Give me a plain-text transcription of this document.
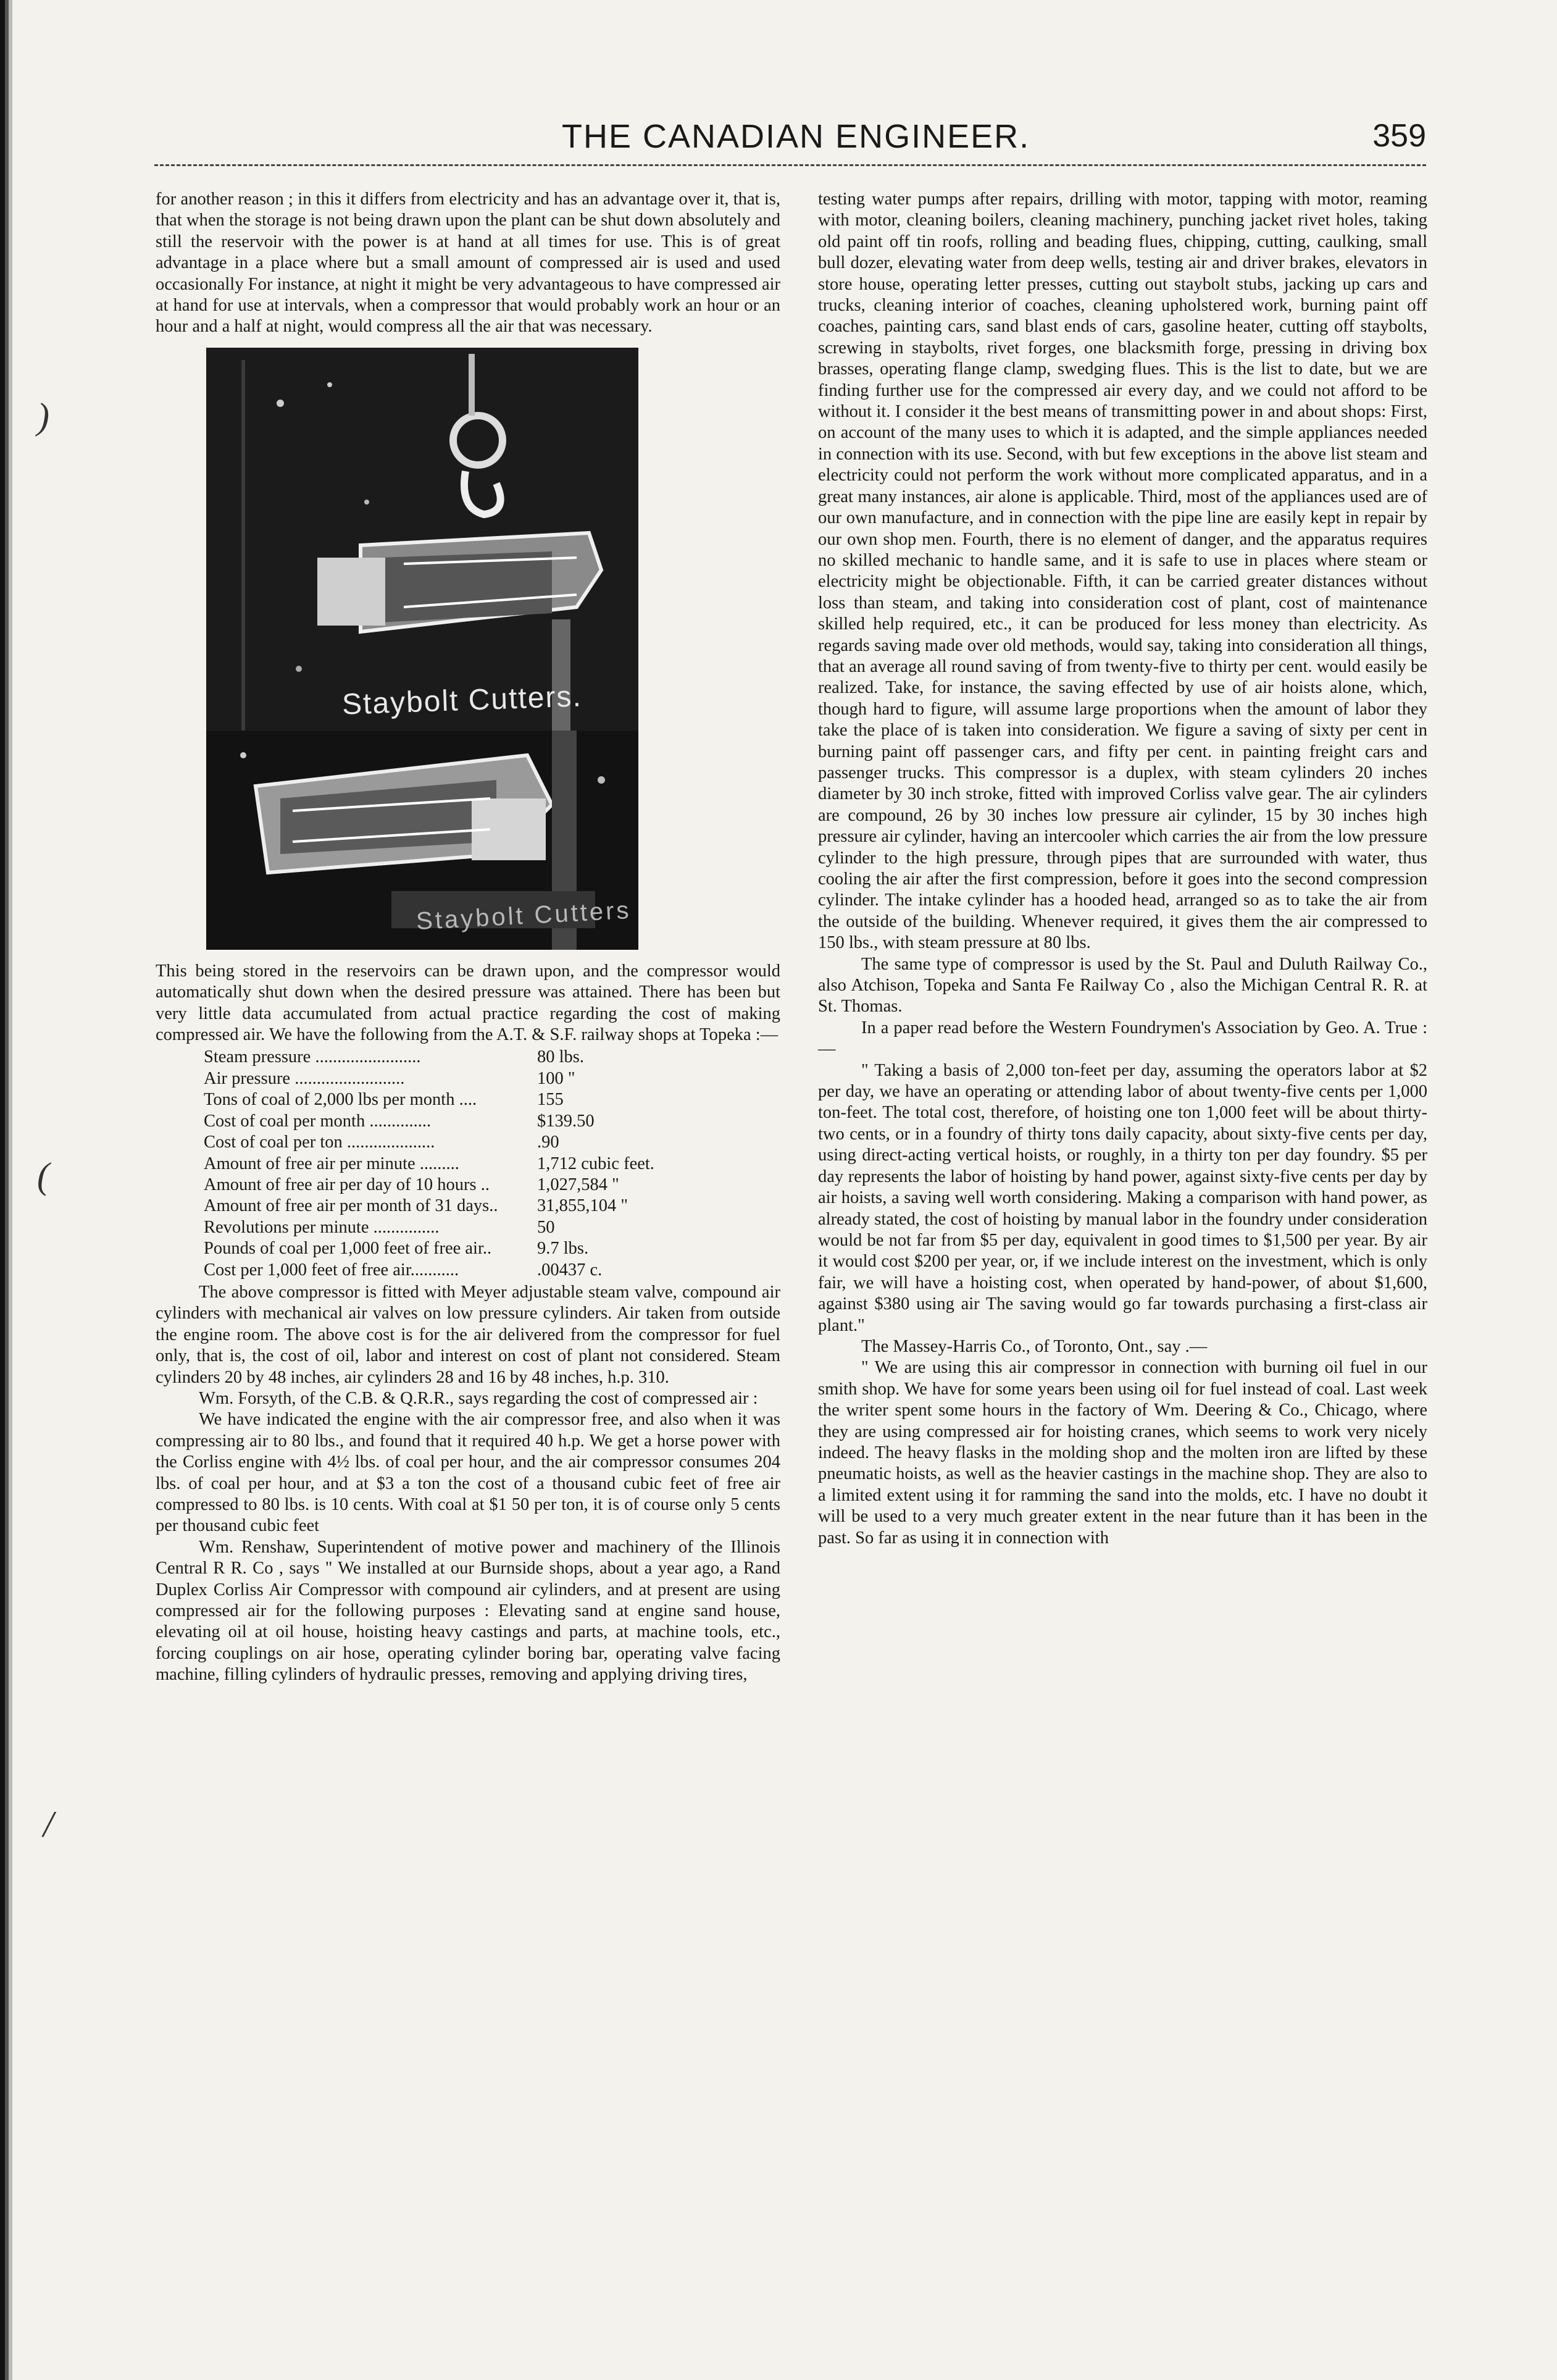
)
(
/
THE CANADIAN ENGINEER.	359

for another reason ; in this it differs from electricity and has an advantage over it, that is, that when the storage is not being drawn upon the plant can be shut down absolutely and still the reservoir with the power is at hand at all times for use. This is of great advantage in a place where but a small amount of compressed air is used and used occasionally For instance, at night it might be very advantageous to have compressed air at hand for use at intervals, when a compressor that would probably work an hour or an hour and a half at night, would compress all the air that was necessary.

Staybolt Cutters.
Staybolt Cutters

This being stored in the reservoirs can be drawn upon, and the compressor would automatically shut down when the desired pressure was attained. There has been but very little data accumulated from actual practice regarding the cost of making compressed air. We have the following from the A.T. & S.F. railway shops at Topeka :—

Steam pressure ........................	80 lbs.
Air pressure .........................	100 "
Tons of coal of 2,000 lbs per month ....	155
Cost of coal per month ..............	$139.50
Cost of coal per ton ....................	.90
Amount of free air per minute .........	1,712 cubic feet.
Amount of free air per day of 10 hours ..	1,027,584 "
Amount of free air per month of 31 days..	31,855,104 "
Revolutions per minute ...............	50
Pounds of coal per 1,000 feet of free air..	9.7 lbs.
Cost per 1,000 feet of free air...........	.00437 c.

The above compressor is fitted with Meyer adjustable steam valve, compound air cylinders with mechanical air valves on low pressure cylinders. Air taken from outside the engine room. The above cost is for the air delivered from the compressor for fuel only, that is, the cost of oil, labor and interest on cost of plant not considered. Steam cylinders 20 by 48 inches, air cylinders 28 and 16 by 48 inches, h.p. 310.

Wm. Forsyth, of the C.B. & Q.R.R., says regarding the cost of compressed air :

We have indicated the engine with the air compressor free, and also when it was compressing air to 80 lbs., and found that it required 40 h.p. We get a horse power with the Corliss engine with 4½ lbs. of coal per hour, and the air compressor consumes 204 lbs. of coal per hour, and at $3 a ton the cost of a thousand cubic feet of free air compressed to 80 lbs. is 10 cents. With coal at $1 50 per ton, it is of course only 5 cents per thousand cubic feet

Wm. Renshaw, Superintendent of motive power and machinery of the Illinois Central R R. Co , says " We installed at our Burnside shops, about a year ago, a Rand Duplex Corliss Air Compressor with compound air cylinders, and at present are using compressed air for the following purposes : Elevating sand at engine sand house, elevating oil at oil house, hoisting heavy castings and parts, at machine tools, etc., forcing couplings on air hose, operating cylinder boring bar, operating valve facing machine, filling cylinders of hydraulic presses, removing and applying driving tires,

testing water pumps after repairs, drilling with motor, tapping with motor, reaming with motor, cleaning boilers, cleaning machinery, punching jacket rivet holes, taking old paint off tin roofs, rolling and beading flues, chipping, cutting, caulking, small bull dozer, elevating water from deep wells, testing air and driver brakes, elevators in store house, operating letter presses, cutting out staybolt stubs, jacking up cars and trucks, cleaning interior of coaches, cleaning upholstered work, burning paint off coaches, painting cars, sand blast ends of cars, gasoline heater, cutting off staybolts, screwing in staybolts, rivet forges, one blacksmith forge, pressing in driving box brasses, operating flange clamp, swedging flues. This is the list to date, but we are finding further use for the compressed air every day, and we could not afford to be without it. I consider it the best means of transmitting power in and about shops: First, on account of the many uses to which it is adapted, and the simple appliances needed in connection with its use. Second, with but few exceptions in the above list steam and electricity could not perform the work without more complicated apparatus, and in a great many instances, air alone is applicable. Third, most of the appliances used are of our own manufacture, and in connection with the pipe line are easily kept in repair by our own shop men. Fourth, there is no element of danger, and the apparatus requires no skilled mechanic to handle same, and it is safe to use in places where steam or electricity might be objectionable. Fifth, it can be carried greater distances without loss than steam, and taking into consideration cost of plant, cost of maintenance skilled help required, etc., it can be produced for less money than electricity. As regards saving made over old methods, would say, taking into consideration all things, that an average all round saving of from twenty-five to thirty per cent. would easily be realized. Take, for instance, the saving effected by use of air hoists alone, which, though hard to figure, will assume large proportions when the amount of labor they take the place of is taken into consideration. We figure a saving of sixty per cent in burning paint off passenger cars, and fifty per cent. in painting freight cars and passenger trucks. This compressor is a duplex, with steam cylinders 20 inches diameter by 30 inch stroke, fitted with improved Corliss valve gear. The air cylinders are compound, 26 by 30 inches low pressure air cylinder, 15 by 30 inches high pressure air cylinder, having an intercooler which carries the air from the low pressure cylinder to the high pressure, through pipes that are surrounded with water, thus cooling the air after the first compression, before it goes into the second compression cylinder. The intake cylinder has a hooded head, arranged so as to take the air from the outside of the building. Whenever required, it gives them the air compressed to 150 lbs., with steam pressure at 80 lbs.

The same type of compressor is used by the St. Paul and Duluth Railway Co., also Atchison, Topeka and Santa Fe Railway Co , also the Michigan Central R. R. at St. Thomas.

In a paper read before the Western Foundrymen's Association by Geo. A. True :—

" Taking a basis of 2,000 ton-feet per day, assuming the operators labor at $2 per day, we have an operating or attending labor of about twenty-five cents per 1,000 ton-feet. The total cost, therefore, of hoisting one ton 1,000 feet will be about thirty-two cents, or in a foundry of thirty tons daily capacity, about sixty-five cents per day, using direct-acting vertical hoists, or roughly, in a thirty ton per day foundry. $5 per day represents the labor of hoisting by hand power, against sixty-five cents per day by air hoists, a saving well worth considering. Making a comparison with hand power, as already stated, the cost of hoisting by manual labor in the foundry under consideration would be not far from $5 per day, equivalent in good times to $1,500 per year. By air it would cost $200 per year, or, if we include interest on the investment, which is only fair, we will have a hoisting cost, when operated by hand-power, of about $1,600, against $380 using air The saving would go far towards purchasing a first-class air plant."

The Massey-Harris Co., of Toronto, Ont., say .—

" We are using this air compressor in connection with burning oil fuel in our smith shop. We have for some years been using oil for fuel instead of coal. Last week the writer spent some hours in the factory of Wm. Deering & Co., Chicago, where they are using compressed air for hoisting cranes, which seems to work very nicely indeed. The heavy flasks in the molding shop and the molten iron are lifted by these pneumatic hoists, as well as the heavier castings in the machine shop. They are also to a limited extent using it for ramming the sand into the molds, etc. I have no doubt it will be used to a very much greater extent in the near future than it has been in the past. So far as using it in connection with
